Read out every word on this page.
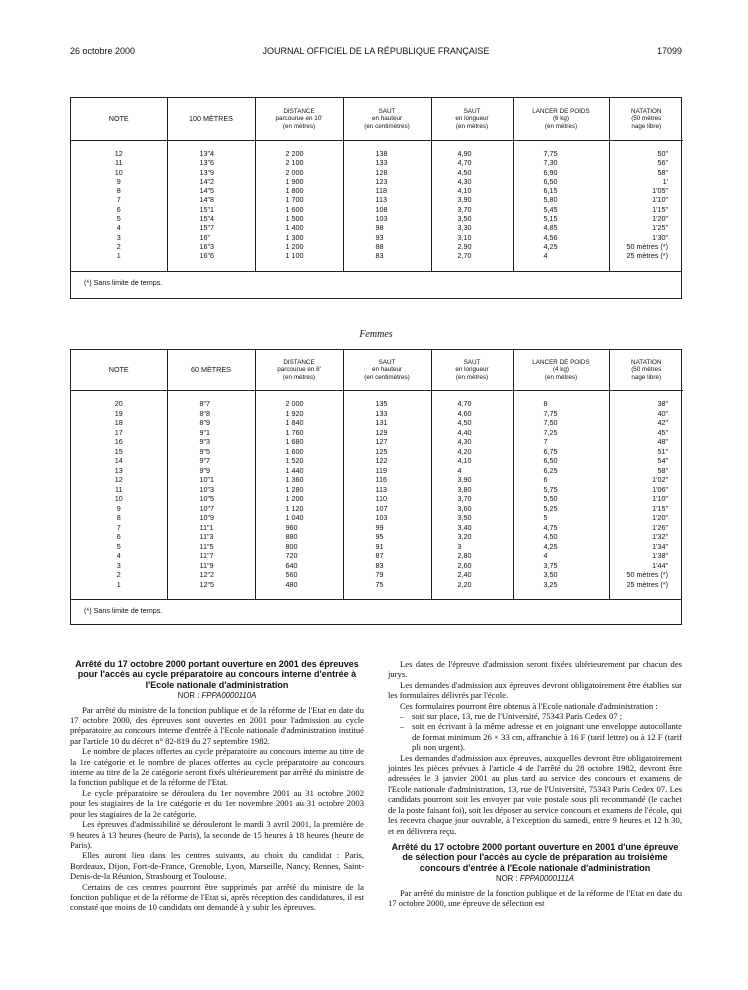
26 octobre 2000	JOURNAL OFFICIEL DE LA RÉPUBLIQUE FRANÇAISE	17099
NOTE	100 MÈTRES	DISTANCE
parcourue en 10'
(en mètres)	SAUT
en hauteur
(en centimètres)	SAUT
en longueur
(en mètres)	LANCER DE POIDS
(6 kg)
(en mètres)	NATATION
(50 mètres
nage libre)
12	13"4	2 200	138	4,90	7,75	50"
11	13"6	2 100	133	4,70	7,30	56"
10	13"9	2 000	128	4,50	6,90	58"
9	14"2	1 900	123	4,30	6,50	1'
8	14"5	1 800	118	4,10	6,15	1'05"
7	14"8	1 700	113	3,90	5,80	1'10"
6	15"1	1 600	108	3,70	5,45	1'15"
5	15"4	1 500	103	3,50	5,15	1'20"
4	15"7	1 400	98	3,30	4,85	1'25"
3	16"	1 300	93	3,10	4,56	1'30"
2	16"3	1 200	88	2,90	4,25	50 mètres (*)
1	16"6	1 100	83	2,70	4	25 mètres (*)
(*) Sans limite de temps.
Femmes
NOTE	60 MÈTRES	DISTANCE
parcourue en 8'
(en mètres)	SAUT
en hauteur
(en centimètres)	SAUT
en longueur
(en mètres)	LANCER DE POIDS
(4 kg)
(en mètres)	NATATION
(50 mètres
nage libre)
20	8"7	2 000	135	4,70	8	38"
19	8"8	1 920	133	4,60	7,75	40"
18	8"9	1 840	131	4,50	7,50	42"
17	9"1	1 760	129	4,40	7,25	45"
16	9"3	1 680	127	4,30	7	48"
15	9"5	1 600	125	4,20	6,75	51"
14	9"7	1 520	122	4,10	6,50	54"
13	9"9	1 440	119	4	6,25	58"
12	10"1	1 360	116	3,90	6	1'02"
11	10"3	1 280	113	3,80	5,75	1'06"
10	10"5	1 200	110	3,70	5,50	1'10"
9	10"7	1 120	107	3,60	5,25	1'15"
8	10"9	1 040	103	3,50	5	1'20"
7	11"1	960	99	3,40	4,75	1'26"
6	11"3	880	95	3,20	4,50	1'32"
5	11"5	800	91	3	4,25	1'34"
4	11"7	720	87	2,80	4	1'38"
3	11"9	640	83	2,60	3,75	1'44"
2	12"2	560	79	2,40	3,50	50 mètres (*)
1	12"5	480	75	2,20	3,25	25 mètres (*)
(*) Sans limite de temps.

Arrêté du 17 octobre 2000 portant ouverture en 2001 des épreuves pour l'accès au cycle préparatoire au concours interne d'entrée à l'Ecole nationale d'administration

NOR : FPPA0000110A

Par arrêté du ministre de la fonction publique et de la réforme de l'Etat en date du 17 octobre 2000, des épreuves sont ouvertes en 2001 pour l'admission au cycle préparatoire au concours interne d'entrée à l'Ecole nationale d'administration institué par l'article 10 du décret n° 82-819 du 27 septembre 1982.

Le nombre de places offertes au cycle préparatoire au concours interne au titre de la 1re catégorie et le nombre de places offertes au cycle préparatoire au concours interne au titre de la 2e catégorie seront fixés ultérieurement par arrêté du ministre de la fonction publique et de la réforme de l'Etat.

Le cycle préparatoire se déroulera du 1er novembre 2001 au 31 octobre 2002 pour les stagiaires de la 1re catégorie et du 1er novembre 2001 au 31 octobre 2003 pour les stagiaires de la 2e catégorie.

Les épreuves d'admissibilité se dérouleront le mardi 3 avril 2001, la première de 9 heures à 13 heures (heure de Paris), la seconde de 15 heures à 18 heures (heure de Paris).

Elles auront lieu dans les centres suivants, au choix du candidat : Paris, Bordeaux, Dijon, Fort-de-France, Grenoble, Lyon, Marseille, Nancy, Rennes, Saint-Denis-de-la Réunion, Strasbourg et Toulouse.

Certains de ces centres pourront être supprimés par arrêté du ministre de la fonction publique et de la réforme de l'Etat si, après réception des candidatures, il est constaté que moins de 10 candidats ont demandé à y subir les épreuves.

Les dates de l'épreuve d'admission seront fixées ultérieurement par chacun des jurys.

Les demandes d'admission aux épreuves devront obligatoirement être établies sur les formulaires délivrés par l'école.

Ces formulaires pourront être obtenus à l'Ecole nationale d'administration :

– soit sur place, 13, rue de l'Université, 75343 Paris Cedex 07 ;
– soit en écrivant à la même adresse et en joignant une enveloppe autocollante de format minimum 26 × 33 cm, affranchie à 16 F (tarif lettre) ou à 12 F (tarif pli non urgent).

Les demandes d'admission aux épreuves, auxquelles devront être obligatoirement jointes les pièces prévues à l'article 4 de l'arrêté du 28 octobre 1982, devront être adressées le 3 janvier 2001 au plus tard au service des concours et examens de l'Ecole nationale d'administration, 13, rue de l'Université, 75343 Paris Cedex 07. Les candidats pourront soit les envoyer par voie postale sous pli recommandé (le cachet de la poste faisant foi), soit les déposer au service concours et examens de l'école, qui les recevra chaque jour ouvrable, à l'exception du samedi, entre 9 heures et 12 h 30, et en délivrera reçu.

Arrêté du 17 octobre 2000 portant ouverture en 2001 d'une épreuve de sélection pour l'accès au cycle de préparation au troisième concours d'entrée à l'Ecole nationale d'administration

NOR : FPPA0000111A

Par arrêté du ministre de la fonction publique et de la réforme de l'Etat en date du 17 octobre 2000, une épreuve de sélection est
